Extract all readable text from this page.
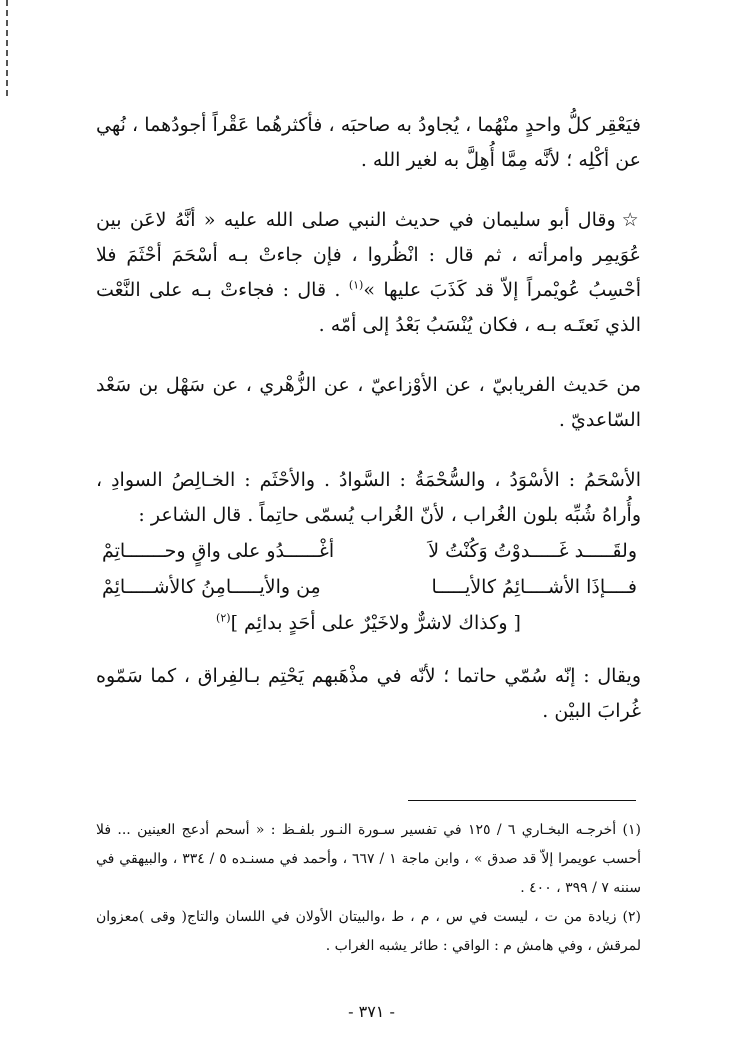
فيَعْقِر كلُّ واحدٍ منْهُما ، يُجاودُ به صاحبَه ، فأكثرهُما عَقْراً أجودُهما ، نُهي عن أكْلِه ؛ لأنَّه مِمَّا أُهِلَّ به لغير الله .

☆وقال أبو سليمان في حديث النبي صلى الله عليه « أنَّهُ لاعَن بين عُوَيمِر وامرأته ، ثم قال : انْظُروا ، فإن جاءتْ بـه أسْحَمَ أحْثَمَ فلا أحْسِبُ عُويْمراً إلاّ قد كَذَبَ عليها »$^{(١)}$ . قال : فجاءتْ بـه على النَّعْت الذي نَعتَـه بـه ، فكان يُنْسَبُ بَعْدُ إلى أمّه .

من حَديث الفريابيّ ، عن الأوْزاعيّ ، عن الزُّهْري ، عن سَهْل بن سَعْد السّاعديّ .

الأسْحَمُ : الأسْوَدُ ، والسُّحْمَةُ : السَّوادُ . والأحْثَم : الخـالِصُ السوادِ ، وأُراهُ شُبِّه بلون الغُراب ، لأنّ الغُراب يُسمّى حاتِماً . قال الشاعر :

ولقَـــــد غَـــــدوْتُ وَكُنْتُ لاَ
أغْــــــدُو على واقٍ وحـــــــاتِمْ
فــــإذَا الأشــــائِمُ كالأيـــــا
مِن والأيـــــامِنُ كالأشـــــائِمْ
[ وكذاك لاشرٌّ ولاخَيْرٌ على أحَدٍ بدائِم ]$^{(٢)}$

ويقال : إنّه سُمّي حاتما ؛ لأنّه في مذْهَبهم يَحْتِم بـالفِراق ، كما سَمّوه غُرابَ البيْن .

(١) أخرجـه البخـاري ٦ / ١٢٥ في تفسير سـورة النـور بلفـظ : « أسحم أدعج العينين ... فلا أحسب عويمرا إلاّ قد صدق » ، وابن ماجة ١ / ٦٦٧ ، وأحمد في مسنـده ٥ / ٣٣٤ ، والبيهقي في سننه ٧ / ٣٩٩ ، ٤٠٠ .

(٢) زيادة من ت ، ليست في س ، م ، ط ،والبيتان الأولان في اللسان والتاج( وقى )معزوان لمرقش ، وفي هامش م : الواقي : طائر يشبه الغراب .

- ٣٧١ -
